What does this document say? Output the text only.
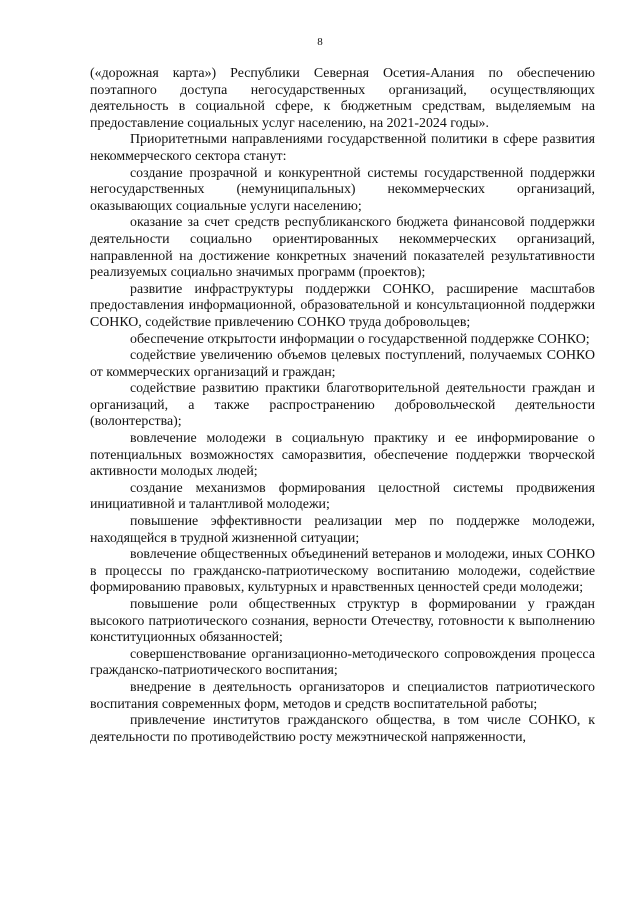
8

(«дорожная карта») Республики Северная Осетия-Алания по обеспечению поэтапного доступа негосударственных организаций, осуществляющих деятельность в социальной сфере, к бюджетным средствам, выделяемым на предоставление социальных услуг населению, на 2021-2024 годы».

Приоритетными направлениями государственной политики в сфере развития некоммерческого сектора станут:

создание прозрачной и конкурентной системы государственной поддержки негосударственных (немуниципальных) некоммерческих организаций, оказывающих социальные услуги населению;

оказание за счет средств республиканского бюджета финансовой поддержки деятельности социально ориентированных некоммерческих организаций, направленной на достижение конкретных значений показателей результативности реализуемых социально значимых программ (проектов);

развитие инфраструктуры поддержки СОНКО, расширение масштабов предоставления информационной, образовательной и консультационной поддержки СОНКО, содействие привлечению СОНКО труда добровольцев;

обеспечение открытости информации о государственной поддержке СОНКО;

содействие увеличению объемов целевых поступлений, получаемых СОНКО от коммерческих организаций и граждан;

содействие развитию практики благотворительной деятельности граждан и организаций, а также распространению добровольческой деятельности (волонтерства);

вовлечение молодежи в социальную практику и ее информирование о потенциальных возможностях саморазвития, обеспечение поддержки творческой активности молодых людей;

создание механизмов формирования целостной системы продвижения инициативной и талантливой молодежи;

повышение эффективности реализации мер по поддержке молодежи, находящейся в трудной жизненной ситуации;

вовлечение общественных объединений ветеранов и молодежи, иных СОНКО в процессы по гражданско-патриотическому воспитанию молодежи, содействие формированию правовых, культурных и нравственных ценностей среди молодежи;

повышение роли общественных структур в формировании у граждан высокого патриотического сознания, верности Отечеству, готовности к выполнению конституционных обязанностей;

совершенствование организационно-методического сопровождения процесса гражданско-патриотического воспитания;

внедрение в деятельность организаторов и специалистов патриотического воспитания современных форм, методов и средств воспитательной работы;

привлечение институтов гражданского общества, в том числе СОНКО, к деятельности по противодействию росту межэтнической напряженности,
